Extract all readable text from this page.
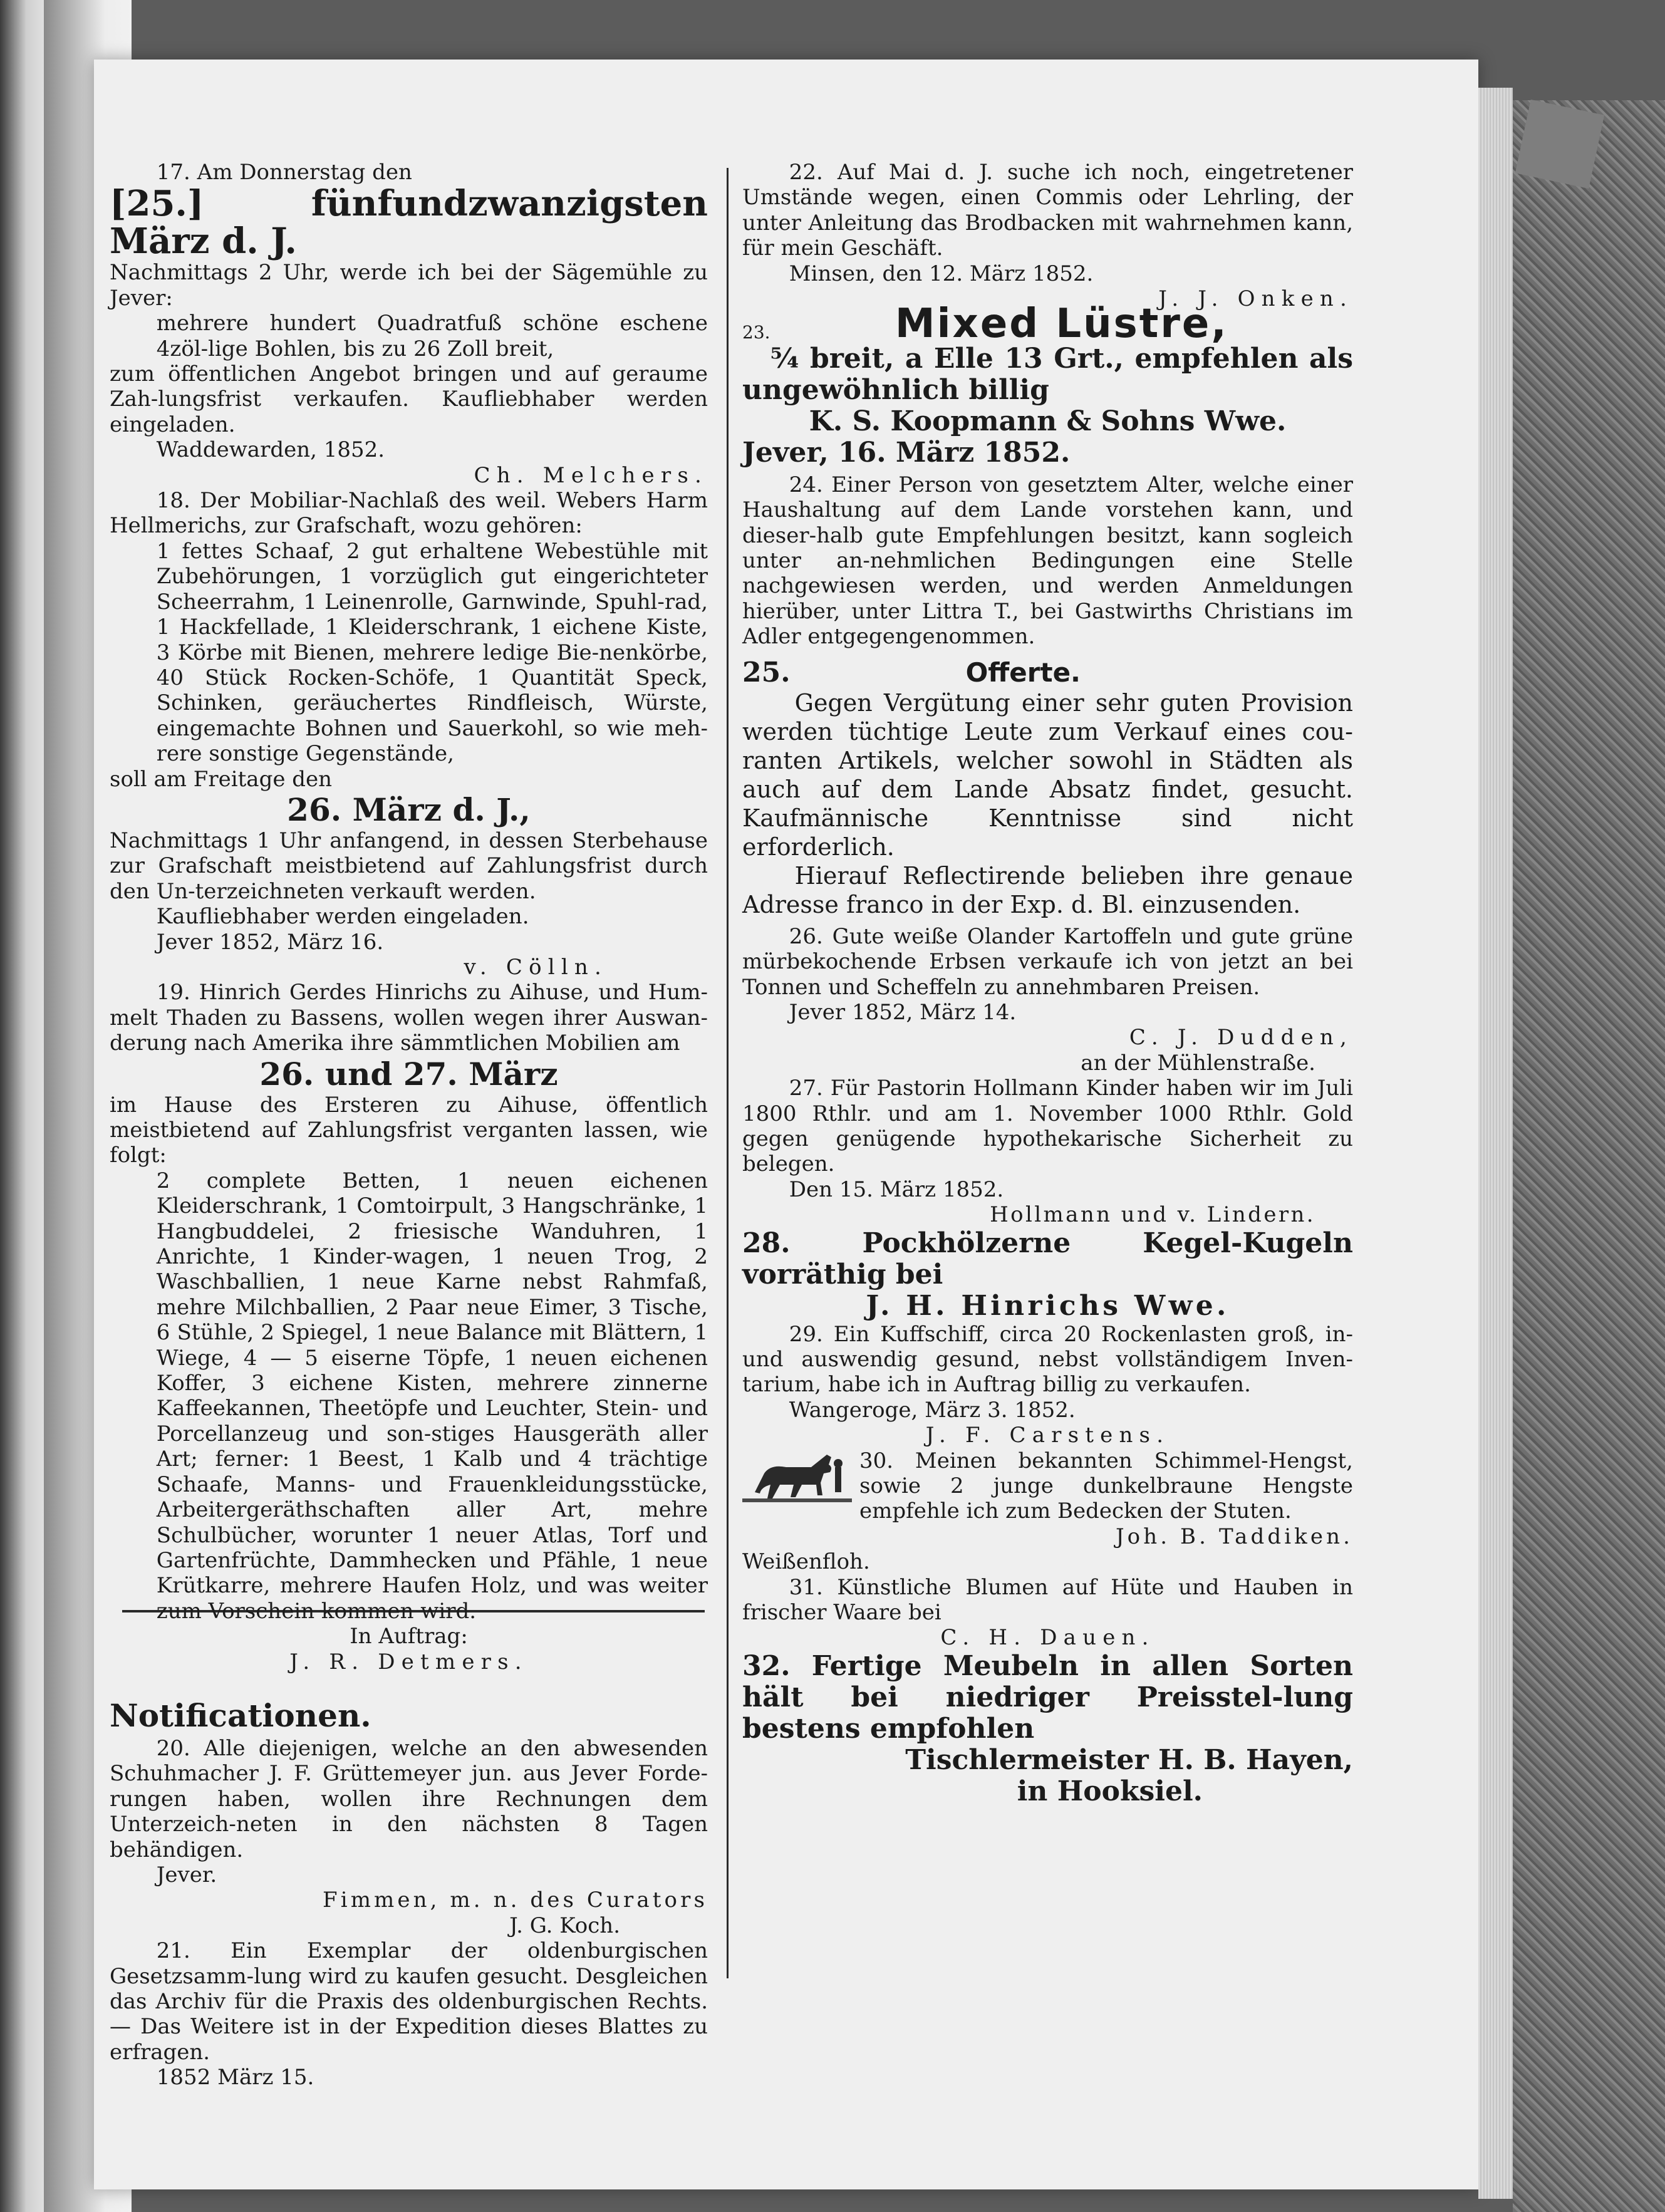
17. Am Donnerstag den

[25.] fünfundzwanzigsten März d. J.

Nachmittags 2 Uhr, werde ich bei der Sägemühle zu Jever:

mehrere hundert Quadratfuß schöne eschene 4zöl-lige Bohlen, bis zu 26 Zoll breit,

zum öffentlichen Angebot bringen und auf geraume Zah-lungsfrist verkaufen. Kaufliebhaber werden eingeladen.

Waddewarden, 1852.

Ch. Melchers.

18. Der Mobiliar-Nachlaß des weil. Webers Harm Hellmerichs, zur Grafschaft, wozu gehören:

1 fettes Schaaf, 2 gut erhaltene Webestühle mit Zubehörungen, 1 vorzüglich gut eingerichteter Scheerrahm, 1 Leinenrolle, Garnwinde, Spuhl-rad, 1 Hackfellade, 1 Kleiderschrank, 1 eichene Kiste, 3 Körbe mit Bienen, mehrere ledige Bie-nenkörbe, 40 Stück Rocken-Schöfe, 1 Quantität Speck, Schinken, geräuchertes Rindfleisch, Würste, eingemachte Bohnen und Sauerkohl, so wie meh-rere sonstige Gegenstände,

soll am Freitage den

26. März d. J.,

Nachmittags 1 Uhr anfangend, in dessen Sterbehause zur Grafschaft meistbietend auf Zahlungsfrist durch den Un-terzeichneten verkauft werden.

Kaufliebhaber werden eingeladen.

Jever 1852, März 16.

v. Cölln.

19. Hinrich Gerdes Hinrichs zu Aihuse, und Hum-melt Thaden zu Bassens, wollen wegen ihrer Auswan-derung nach Amerika ihre sämmtlichen Mobilien am

26. und 27. März

im Hause des Ersteren zu Aihuse, öffentlich meistbietend auf Zahlungsfrist verganten lassen, wie folgt:

2 complete Betten, 1 neuen eichenen Kleiderschrank, 1 Comtoirpult, 3 Hangschränke, 1 Hangbuddelei, 2 friesische Wanduhren, 1 Anrichte, 1 Kinder-wagen, 1 neuen Trog, 2 Waschballien, 1 neue Karne nebst Rahmfaß, mehre Milchballien, 2 Paar neue Eimer, 3 Tische, 6 Stühle, 2 Spiegel, 1 neue Balance mit Blättern, 1 Wiege, 4 — 5 eiserne Töpfe, 1 neuen eichenen Koffer, 3 eichene Kisten, mehrere zinnerne Kaffeekannen, Theetöpfe und Leuchter, Stein- und Porcellanzeug und son-stiges Hausgeräth aller Art; ferner: 1 Beest, 1 Kalb und 4 trächtige Schaafe, Manns- und Frauenkleidungsstücke, Arbeitergeräthschaften aller Art, mehre Schulbücher, worunter 1 neuer Atlas, Torf und Gartenfrüchte, Dammhecken und Pfähle, 1 neue Krütkarre, mehrere Haufen Holz, und was weiter zum Vorschein kommen wird.

In Auftrag:

J. R. Detmers.

Notificationen.

20. Alle diejenigen, welche an den abwesenden Schuhmacher J. F. Grüttemeyer jun. aus Jever Forde-rungen haben, wollen ihre Rechnungen dem Unterzeich-neten in den nächsten 8 Tagen behändigen.

Jever.

Fimmen, m. n. des Curators

J. G. Koch.

21. Ein Exemplar der oldenburgischen Gesetzsamm-lung wird zu kaufen gesucht. Desgleichen das Archiv für die Praxis des oldenburgischen Rechts. — Das Weitere ist in der Expedition dieses Blattes zu erfragen.

1852 März 15.

22. Auf Mai d. J. suche ich noch, eingetretener Umstände wegen, einen Commis oder Lehrling, der unter Anleitung das Brodbacken mit wahrnehmen kann, für mein Geschäft.

Minsen, den 12. März 1852.

J. J. Onken.

23.	Mixed Lüstre,

⁵⁄₄ breit, a Elle 13 Grt., empfehlen als ungewöhnlich billig

K. S. Koopmann & Sohns Wwe.

Jever, 16. März 1852.

24. Einer Person von gesetztem Alter, welche einer Haushaltung auf dem Lande vorstehen kann, und dieser-halb gute Empfehlungen besitzt, kann sogleich unter an-nehmlichen Bedingungen eine Stelle nachgewiesen werden, und werden Anmeldungen hierüber, unter Littra T., bei Gastwirths Christians im Adler entgegengenommen.

25.	Offerte.

Gegen Vergütung einer sehr guten Provision werden tüchtige Leute zum Verkauf eines cou-ranten Artikels, welcher sowohl in Städten als auch auf dem Lande Absatz findet, gesucht. Kaufmännische Kenntnisse sind nicht erforderlich.

Hierauf Reflectirende belieben ihre genaue Adresse franco in der Exp. d. Bl. einzusenden.

26. Gute weiße Olander Kartoffeln und gute grüne mürbekochende Erbsen verkaufe ich von jetzt an bei Tonnen und Scheffeln zu annehmbaren Preisen.

Jever 1852, März 14.

C. J. Dudden,

an der Mühlenstraße.

27. Für Pastorin Hollmann Kinder haben wir im Juli 1800 Rthlr. und am 1. November 1000 Rthlr. Gold gegen genügende hypothekarische Sicherheit zu belegen.

Den 15. März 1852.

Hollmann und v. Lindern.

28. Pockhölzerne Kegel-Kugeln vorräthig bei

J. H. Hinrichs Wwe.

29. Ein Kuffschiff, circa 20 Rockenlasten groß, in- und auswendig gesund, nebst vollständigem Inven-tarium, habe ich in Auftrag billig zu verkaufen.

Wangeroge, März 3. 1852.

J. F. Carstens.

30. Meinen bekannten Schimmel-Hengst, sowie 2 junge dunkelbraune Hengste empfehle ich zum Bedecken der Stuten.

Joh. B. Taddiken.

Weißenfloh.

31. Künstliche Blumen auf Hüte und Hauben in frischer Waare bei

C. H. Dauen.

32. Fertige Meubeln in allen Sorten hält bei niedriger Preisstel-lung bestens empfohlen

Tischlermeister H. B. Hayen,

in Hooksiel.
